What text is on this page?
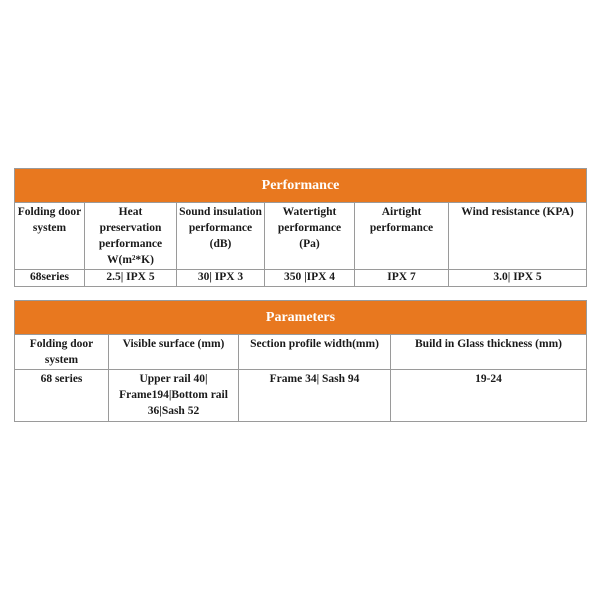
Performance					
Folding door system	Heat preservation performance W(m²*K)	Sound insulation performance (dB)	Watertight performance (Pa)	Airtight performance	Wind resistance (KPA)
68series	2.5| IPX 5	30| IPX 3	350 |IPX 4	IPX 7	3.0| IPX 5
Parameters			
Folding door system	Visible surface (mm)	Section profile width(mm)	Build in Glass thickness (mm)
68 series	Upper rail 40| Frame194|Bottom rail 36|Sash 52	Frame 34| Sash 94	19-24
